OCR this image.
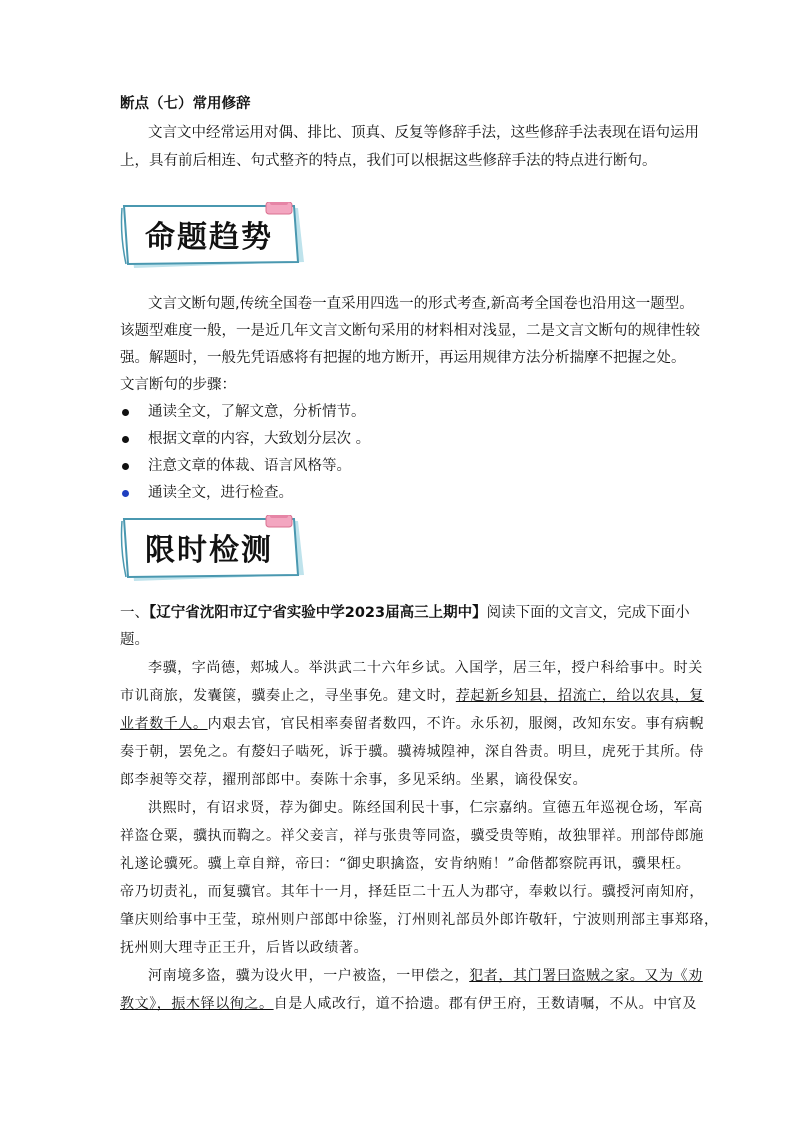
断点（七）常用修辞
文言文中经常运用对偶、排比、顶真、反复等修辞手法，这些修辞手法表现在语句运用
上，具有前后相连、句式整齐的特点，我们可以根据这些修辞手法的特点进行断句。
命题趋势
文言文断句题,传统全国卷一直采用四选一的形式考查,新高考全国卷也沿用这一题型。
该题型难度一般，一是近几年文言文断句采用的材料相对浅显，二是文言文断句的规律性较
强。解题时，一般先凭语感将有把握的地方断开，再运用规律方法分析揣摩不把握之处。
文言断句的步骤：
通读全文，了解文意，分析情节。
根据文章的内容，大致划分层次 。
注意文章的体裁、语言风格等。
通读全文，进行检查。
限时检测
一、【辽宁省沈阳市辽宁省实验中学2023届高三上期中】阅读下面的文言文，完成下面小
题。
李骥，字尚德，郏城人。举洪武二十六年乡试。入国学，居三年，授户科给事中。时关
市讥商旅，发囊箧，骥奏止之，寻坐事免。建文时，荐起新乡知县，招流亡，给以农具，复
业者数千人。内艰去官，官民相率奏留者数四，不许。永乐初，服阕，改知东安。事有病輗
奏于朝，罢免之。有嫠妇子啮死，诉于骥。骥祷城隍神，深自咎责。明旦，虎死于其所。侍
郎李昶等交荐，擢刑部郎中。奏陈十余事，多见采纳。坐累，谪役保安。
洪熙时，有诏求贤，荐为御史。陈经国利民十事，仁宗嘉纳。宣德五年巡视仓场，军高
祥盗仓粟，骥执而鞫之。祥父妾言，祥与张贵等同盗，骥受贵等贿，故独罪祥。刑部侍郎施
礼遂论骥死。骥上章自辩，帝曰：“御史职擒盗，安肯纳贿！”命偕都察院再讯，骥果枉。
帝乃切责礼，而复骥官。其年十一月，择廷臣二十五人为郡守，奉敕以行。骥授河南知府，
肇庆则给事中王莹，琼州则户部郎中徐鉴，汀州则礼部员外郎许敬轩，宁波则刑部主事郑珞，
抚州则大理寺正王升，后皆以政绩著。
河南境多盗，骥为设火甲，一户被盗，一甲偿之，犯者，其门署曰盗贼之家。又为《劝
教文》，振木铎以徇之。自是人咸改行，道不拾遗。郡有伊王府，王数请嘱，不从。中官及
